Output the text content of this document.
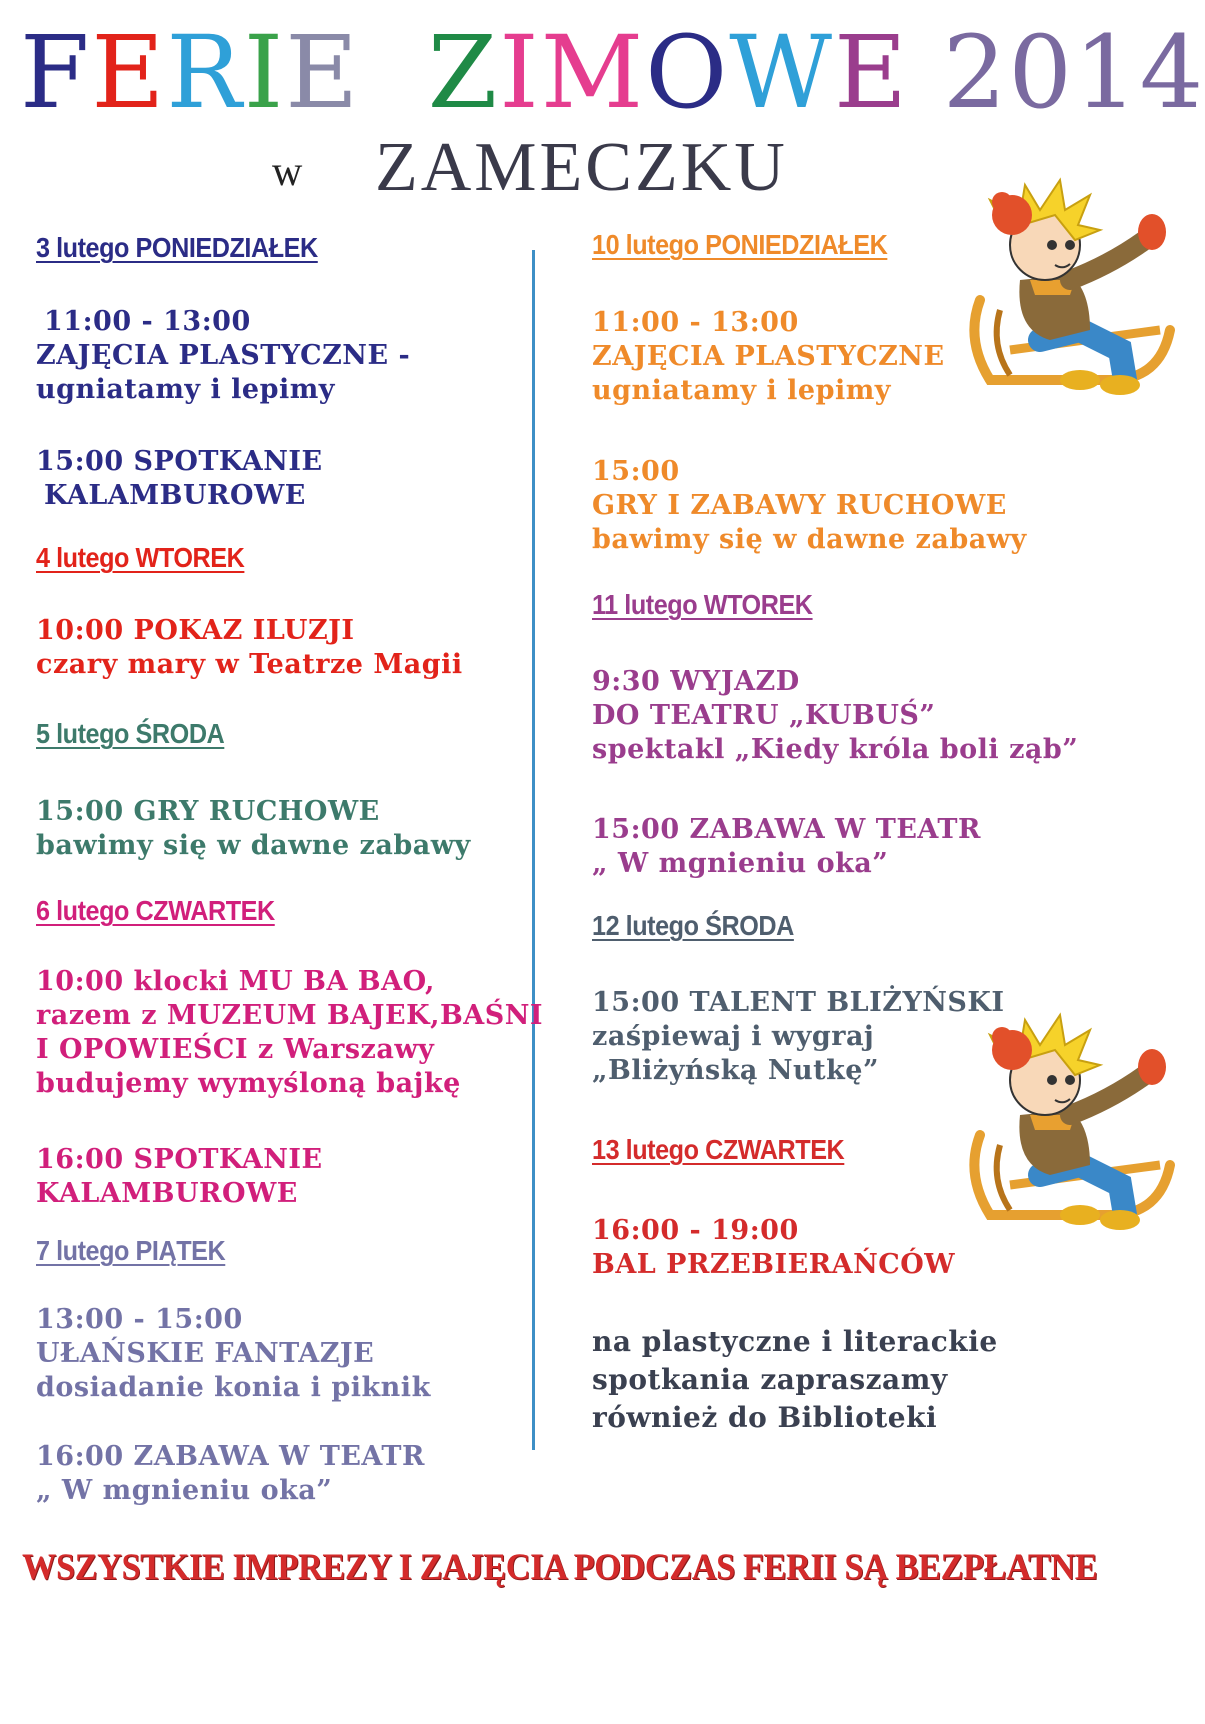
FERIE ZIMOWE 2014
w ZAMECZKU
3 lutego PONIEDZIAŁEK
11:00 - 13:00
ZAJĘCIA PLASTYCZNE -
ugniatamy i lepimy
15:00 SPOTKANIE
KALAMBUROWE
4 lutego WTOREK
10:00 POKAZ ILUZJI
czary mary w Teatrze Magii
5 lutego ŚRODA
15:00 GRY RUCHOWE
bawimy się w dawne zabawy
6 lutego CZWARTEK
10:00 klocki MU BA BAO,
razem z MUZEUM BAJEK,BAŚNI
I OPOWIEŚCI z Warszawy
budujemy wymyśloną bajkę
16:00 SPOTKANIE
KALAMBUROWE
7 lutego PIĄTEK
13:00 - 15:00
UŁAŃSKIE FANTAZJE
dosiadanie konia i piknik
16:00 ZABAWA W TEATR
„ W mgnieniu oka”
10 lutego PONIEDZIAŁEK
11:00 - 13:00
ZAJĘCIA PLASTYCZNE
ugniatamy i lepimy
15:00
GRY I ZABAWY RUCHOWE
bawimy się w dawne zabawy
11 lutego WTOREK
9:30 WYJAZD
DO TEATRU „KUBUŚ”
spektakl „Kiedy króla boli ząb”
15:00 ZABAWA W TEATR
„ W mgnieniu oka”
12 lutego ŚRODA
15:00 TALENT BLIŻYŃSKI
zaśpiewaj i wygraj
„Bliżyńską Nutkę”
13 lutego CZWARTEK
16:00 - 19:00
BAL PRZEBIERAŃCÓW
na plastyczne i literackie
spotkania zapraszamy
również do Biblioteki
WSZYSTKIE IMPREZY I ZAJĘCIA PODCZAS FERII SĄ BEZPŁATNE
